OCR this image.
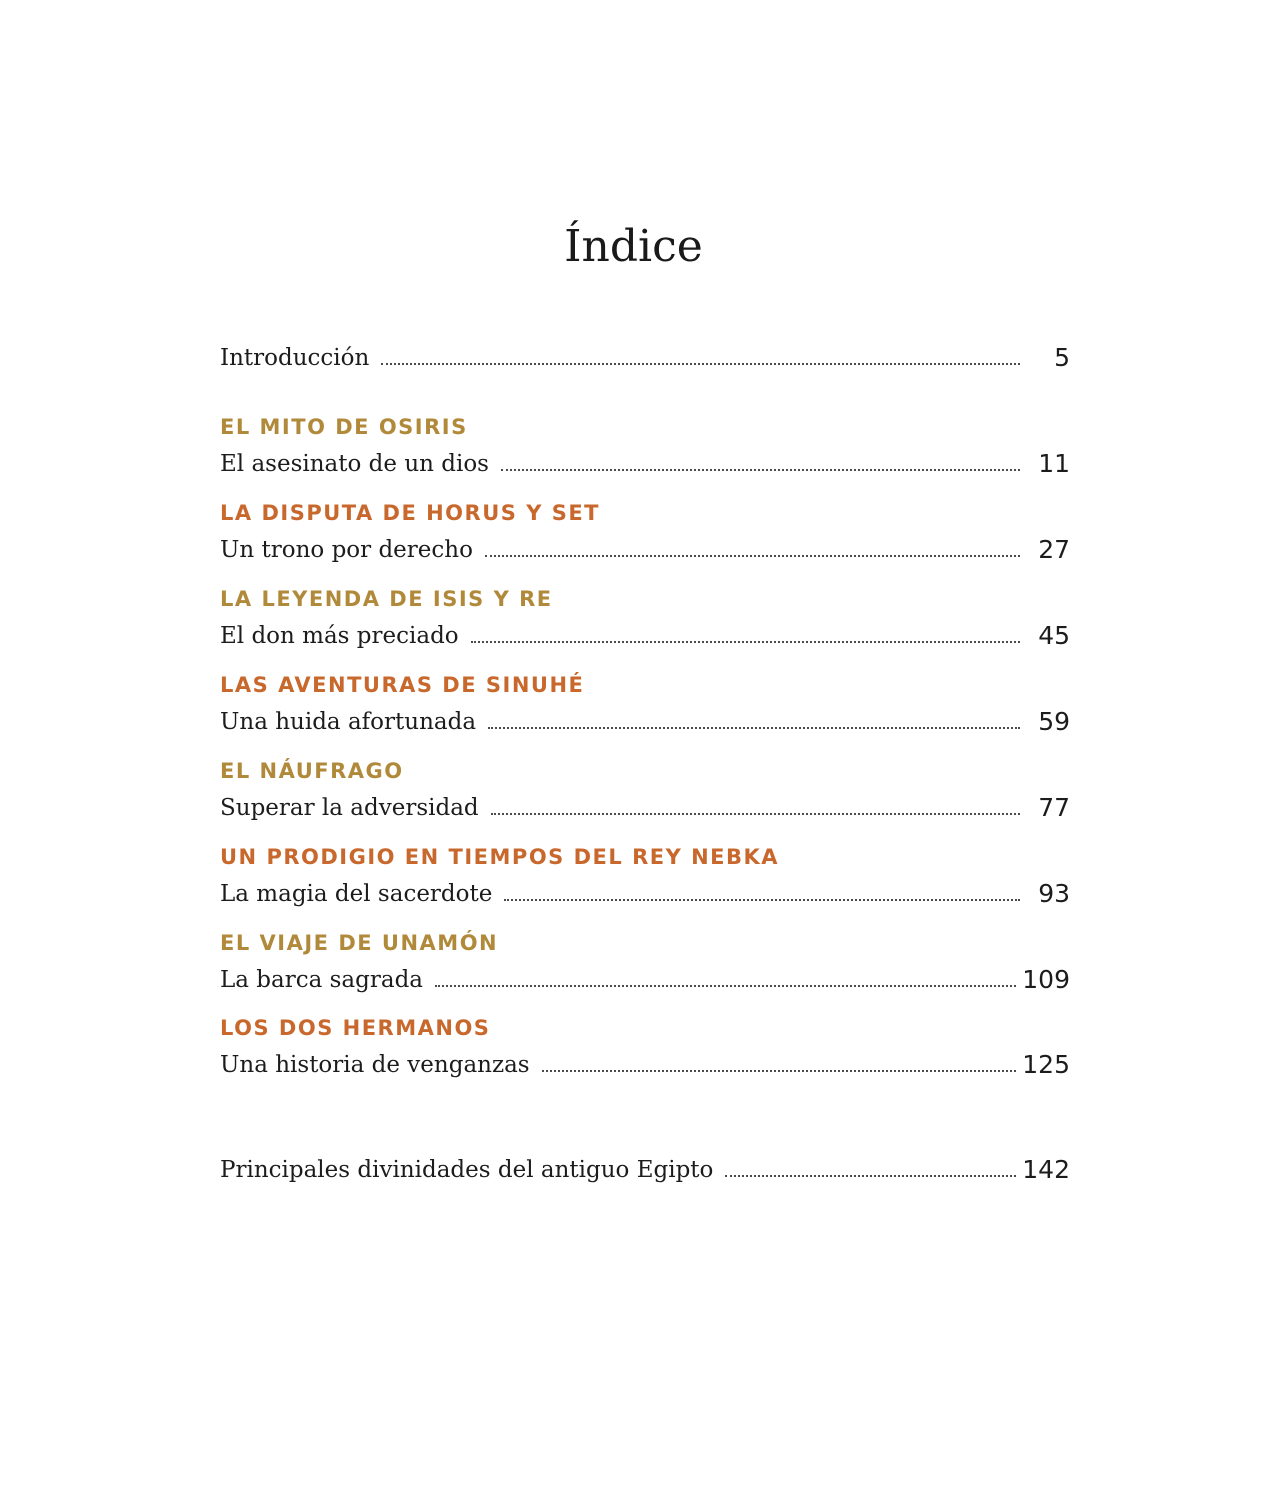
Índice
Introducción	5
EL MITO DE OSIRIS
El asesinato de un dios	11
LA DISPUTA DE HORUS Y SET
Un trono por derecho	27
LA LEYENDA DE ISIS Y RE
El don más preciado	45
LAS AVENTURAS DE SINUHÉ
Una huida afortunada	59
EL NÁUFRAGO
Superar la adversidad	77
UN PRODIGIO EN TIEMPOS DEL REY NEBKA
La magia del sacerdote	93
EL VIAJE DE UNAMÓN
La barca sagrada	109
LOS DOS HERMANOS
Una historia de venganzas	125
Principales divinidades del antiguo Egipto	142
